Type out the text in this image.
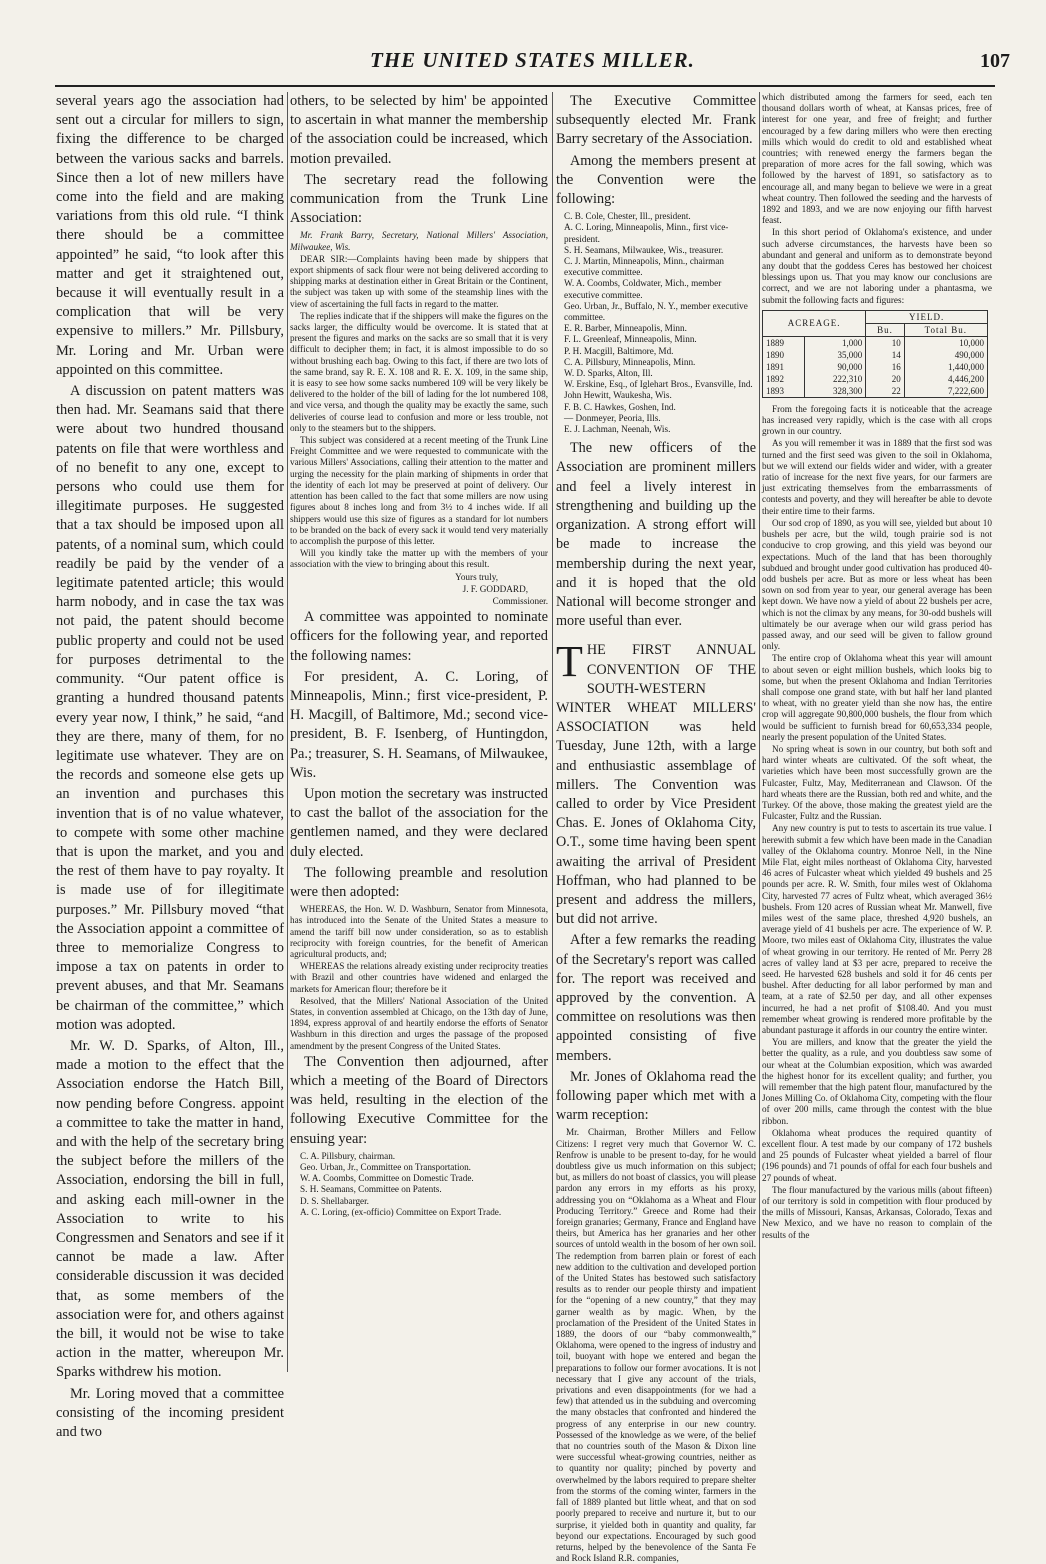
THE UNITED STATES MILLER.	107

several years ago the association had sent out a circular for millers to sign, fixing the difference to be charged between the various sacks and barrels. Since then a lot of new millers have come into the field and are making variations from this old rule. “I think there should be a committee appointed” he said, “to look after this matter and get it straightened out, because it will eventually result in a complication that will be very expensive to millers.” Mr. Pillsbury, Mr. Loring and Mr. Urban were appointed on this committee.

A discussion on patent matters was then had. Mr. Seamans said that there were about two hundred thousand patents on file that were worthless and of no benefit to any one, except to persons who could use them for illegitimate purposes. He suggested that a tax should be imposed upon all patents, of a nominal sum, which could readily be paid by the vender of a legitimate patented article; this would harm nobody, and in case the tax was not paid, the patent should become public property and could not be used for purposes detrimental to the community. “Our patent office is granting a hundred thousand patents every year now, I think,” he said, “and they are there, many of them, for no legitimate use whatever. They are on the records and someone else gets up an invention and purchases this invention that is of no value whatever, to compete with some other machine that is upon the market, and you and the rest of them have to pay royalty. It is made use of for illegitimate purposes.” Mr. Pillsbury moved “that the Association appoint a committee of three to memorialize Congress to impose a tax on patents in order to prevent abuses, and that Mr. Seamans be chairman of the committee,” which motion was adopted.

Mr. W. D. Sparks, of Alton, Ill., made a motion to the effect that the Association endorse the Hatch Bill, now pending before Congress. appoint a committee to take the matter in hand, and with the help of the secretary bring the subject before the millers of the Association, endorsing the bill in full, and asking each mill-owner in the Association to write to his Congressmen and Senators and see if it cannot be made a law. After considerable discussion it was decided that, as some members of the association were for, and others against the bill, it would not be wise to take action in the matter, whereupon Mr. Sparks withdrew his motion.

Mr. Loring moved that a committee consisting of the incoming president and two

others, to be selected by him' be appointed to ascertain in what manner the membership of the association could be increased, which motion prevailed.

The secretary read the following communication from the Trunk Line Association:

Mr. Frank Barry, Secretary, National Millers' Association, Milwaukee, Wis.

DEAR SIR:—Complaints having been made by shippers that export shipments of sack flour were not being delivered according to shipping marks at destination either in Great Britain or the Continent, the subject was taken up with some of the steamship lines with the view of ascertaining the full facts in regard to the matter.

The replies indicate that if the shippers will make the figures on the sacks larger, the difficulty would be overcome. It is stated that at present the figures and marks on the sacks are so small that it is very difficult to decipher them; in fact, it is almost impossible to do so without brushing each bag. Owing to this fact, if there are two lots of the same brand, say R. E. X. 108 and R. E. X. 109, in the same ship, it is easy to see how some sacks numbered 109 will be very likely be delivered to the holder of the bill of lading for the lot numbered 108, and vice versa, and though the quality may be exactly the same, such deliveries of course lead to confusion and more or less trouble, not only to the steamers but to the shippers.

This subject was considered at a recent meeting of the Trunk Line Freight Committee and we were requested to communicate with the various Millers' Associations, calling their attention to the matter and urging the necessity for the plain marking of shipments in order that the identity of each lot may be preserved at point of delivery. Our attention has been called to the fact that some millers are now using figures about 8 inches long and from 3½ to 4 inches wide. If all shippers would use this size of figures as a standard for lot numbers to be branded on the back of every sack it would tend very materially to accomplish the purpose of this letter.

Will you kindly take the matter up with the members of your association with the view to bringing about this result.

Yours truly,

J. F. GODDARD,

Commissioner.

A committee was appointed to nominate officers for the following year, and reported the following names:

For president, A. C. Loring, of Minneapolis, Minn.; first vice-president, P. H. Macgill, of Baltimore, Md.; second vice-president, B. F. Isenberg, of Huntingdon, Pa.; treasurer, S. H. Seamans, of Milwaukee, Wis.

Upon motion the secretary was instructed to cast the ballot of the association for the gentlemen named, and they were declared duly elected.

The following preamble and resolution were then adopted:

WHEREAS, the Hon. W. D. Washburn, Senator from Minnesota, has introduced into the Senate of the United States a measure to amend the tariff bill now under consideration, so as to establish reciprocity with foreign countries, for the benefit of American agricultural products, and;

WHEREAS the relations already existing under reciprocity treaties with Brazil and other countries have widened and enlarged the markets for American flour; therefore be it

Resolved, that the Millers' National Association of the United States, in convention assembled at Chicago, on the 13th day of June, 1894, express approval of and heartily endorse the efforts of Senator Washburn in this direction and urges the passage of the proposed amendment by the present Congress of the United States.

The Convention then adjourned, after which a meeting of the Board of Directors was held, resulting in the election of the following Executive Committee for the ensuing year:

C. A. Pillsbury, chairman.

Geo. Urban, Jr., Committee on Transportation.

W. A. Coombs, Committee on Domestic Trade.

S. H. Seamans, Committee on Patents.

D. S. Shellabarger.

A. C. Loring, (ex-officio) Committee on Export Trade.

The Executive Committee subsequently elected Mr. Frank Barry secretary of the Association.

Among the members present at the Convention were the following:

C. B. Cole, Chester, Ill., president.

A. C. Loring, Minneapolis, Minn., first vice-president.

S. H. Seamans, Milwaukee, Wis., treasurer.

C. J. Martin, Minneapolis, Minn., chairman executive committee.

W. A. Coombs, Coldwater, Mich., member executive committee.

Geo. Urban, Jr., Buffalo, N. Y., member executive committee.

E. R. Barber, Minneapolis, Minn.

F. L. Greenleaf, Minneapolis, Minn.

P. H. Macgill, Baltimore, Md.

C. A. Pillsbury, Minneapolis, Minn.

W. D. Sparks, Alton, Ill.

W. Erskine, Esq., of Iglehart Bros., Evansville, Ind.

John Hewitt, Waukesha, Wis.

F. B. C. Hawkes, Goshen, Ind.

— Donmeyer, Peoria, Ills.

E. J. Lachman, Neenah, Wis.

The new officers of the Association are prominent millers and feel a lively interest in strengthening and building up the organization. A strong effort will be made to increase the membership during the next year, and it is hoped that the old National will become stronger and more useful than ever.

THE FIRST ANNUAL CONVENTION OF THE SOUTH-WESTERN WINTER WHEAT MILLERS' ASSOCIATION was held Tuesday, June 12th, with a large and enthusiastic assemblage of millers. The Convention was called to order by Vice President Chas. E. Jones of Oklahoma City, O.T., some time having been spent awaiting the arrival of President Hoffman, who had planned to be present and address the millers, but did not arrive.

After a few remarks the reading of the Secretary's report was called for. The report was received and approved by the convention. A committee on resolutions was then appointed consisting of five members.

Mr. Jones of Oklahoma read the following paper which met with a warm reception:

Mr. Chairman, Brother Millers and Fellow Citizens: I regret very much that Governor W. C. Renfrow is unable to be present to-day, for he would doubtless give us much information on this subject; but, as millers do not boast of classics, you will please pardon any errors in my efforts as his proxy, addressing you on “Oklahoma as a Wheat and Flour Producing Territory.” Greece and Rome had their foreign granaries; Germany, France and England have theirs, but America has her granaries and her other sources of untold wealth in the bosom of her own soil. The redemption from barren plain or forest of each new addition to the cultivation and developed portion of the United States has bestowed such satisfactory results as to render our people thirsty and impatient for the “opening of a new country,” that they may garner wealth as by magic. When, by the proclamation of the President of the United States in 1889, the doors of our “baby commonwealth,” Oklahoma, were opened to the ingress of industry and toil, buoyant with hope we entered and began the preparations to follow our former avocations. It is not necessary that I give any account of the trials, privations and even disappointments (for we had a few) that attended us in the subduing and overcoming the many obstacles that confronted and hindered the progress of any enterprise in our new country. Possessed of the knowledge as we were, of the belief that no countries south of the Mason & Dixon line were successful wheat-growing countries, neither as to quantity nor quality; pinched by poverty and overwhelmed by the labors required to prepare shelter from the storms of the coming winter, farmers in the fall of 1889 planted but little wheat, and that on sod poorly prepared to receive and nurture it, but to our surprise, it yielded both in quantity and quality, far beyond our expectations. Encouraged by such good returns, helped by the benevolence of the Santa Fe and Rock Island R.R. companies,

which distributed among the farmers for seed, each ten thousand dollars worth of wheat, at Kansas prices, free of interest for one year, and free of freight; and further encouraged by a few daring millers who were then erecting mills which would do credit to old and established wheat countries; with renewed energy the farmers began the preparation of more acres for the fall sowing, which was followed by the harvest of 1891, so satisfactory as to encourage all, and many began to believe we were in a great wheat country. Then followed the seeding and the harvests of 1892 and 1893, and we are now enjoying our fifth harvest feast.

In this short period of Oklahoma's existence, and under such adverse circumstances, the harvests have been so abundant and general and uniform as to demonstrate beyond any doubt that the goddess Ceres has bestowed her choicest blessings upon us. That you may know our conclusions are correct, and we are not laboring under a phantasma, we submit the following facts and figures:

ACREAGE.		YIELD.	
		Bu.	Total Bu.
1889	1,000	10	10,000
1890	35,000	14	490,000
1891	90,000	16	1,440,000
1892	222,310	20	4,446,200
1893	328,300	22	7,222,600

From the foregoing facts it is noticeable that the acreage has increased very rapidly, which is the case with all crops grown in our country.

As you will remember it was in 1889 that the first sod was turned and the first seed was given to the soil in Oklahoma, but we will extend our fields wider and wider, with a greater ratio of increase for the next five years, for our farmers are just extricating themselves from the embarrassments of contests and poverty, and they will hereafter be able to devote their entire time to their farms.

Our sod crop of 1890, as you will see, yielded but about 10 bushels per acre, but the wild, tough prairie sod is not conducive to crop growing, and this yield was beyond our expectations. Much of the land that has been thoroughly subdued and brought under good cultivation has produced 40-odd bushels per acre. But as more or less wheat has been sown on sod from year to year, our general average has been kept down. We have now a yield of about 22 bushels per acre, which is not the climax by any means, for 30-odd bushels will ultimately be our average when our wild grass period has passed away, and our seed will be given to fallow ground only.

The entire crop of Oklahoma wheat this year will amount to about seven or eight million bushels, which looks big to some, but when the present Oklahoma and Indian Territories shall compose one grand state, with but half her land planted to wheat, with no greater yield than she now has, the entire crop will aggregate 90,800,000 bushels, the flour from which would be sufficient to furnish bread for 60,653,334 people, nearly the present population of the United States.

No spring wheat is sown in our country, but both soft and hard winter wheats are cultivated. Of the soft wheat, the varieties which have been most successfully grown are the Fulcaster, Fultz, May, Mediterranean and Clawson. Of the hard wheats there are the Russian, both red and white, and the Turkey. Of the above, those making the greatest yield are the Fulcaster, Fultz and the Russian.

Any new country is put to tests to ascertain its true value. I herewith submit a few which have been made in the Canadian valley of the Oklahoma country. Monroe Nell, in the Nine Mile Flat, eight miles northeast of Oklahoma City, harvested 46 acres of Fulcaster wheat which yielded 49 bushels and 25 pounds per acre. R. W. Smith, four miles west of Oklahoma City, harvested 77 acres of Fultz wheat, which averaged 36½ bushels. From 120 acres of Russian wheat Mr. Manwell, five miles west of the same place, threshed 4,920 bushels, an average yield of 41 bushels per acre. The experience of W. P. Moore, two miles east of Oklahoma City, illustrates the value of wheat growing in our territory. He rented of Mr. Perry 28 acres of valley land at $3 per acre, prepared to receive the seed. He harvested 628 bushels and sold it for 46 cents per bushel. After deducting for all labor performed by man and team, at a rate of $2.50 per day, and all other expenses incurred, he had a net profit of $108.40. And you must remember wheat growing is rendered more profitable by the abundant pasturage it affords in our country the entire winter.

You are millers, and know that the greater the yield the better the quality, as a rule, and you doubtless saw some of our wheat at the Columbian exposition, which was awarded the highest honor for its excellent quality; and further, you will remember that the high patent flour, manufactured by the Jones Milling Co. of Oklahoma City, competing with the flour of over 200 mills, came through the contest with the blue ribbon.

Oklahoma wheat produces the required quantity of excellent flour. A test made by our company of 172 bushels and 25 pounds of Fulcaster wheat yielded a barrel of flour (196 pounds) and 71 pounds of offal for each four bushels and 27 pounds of wheat.

The flour manufactured by the various mills (about fifteen) of our territory is sold in competition with flour produced by the mills of Missouri, Kansas, Arkansas, Colorado, Texas and New Mexico, and we have no reason to complain of the results of the
